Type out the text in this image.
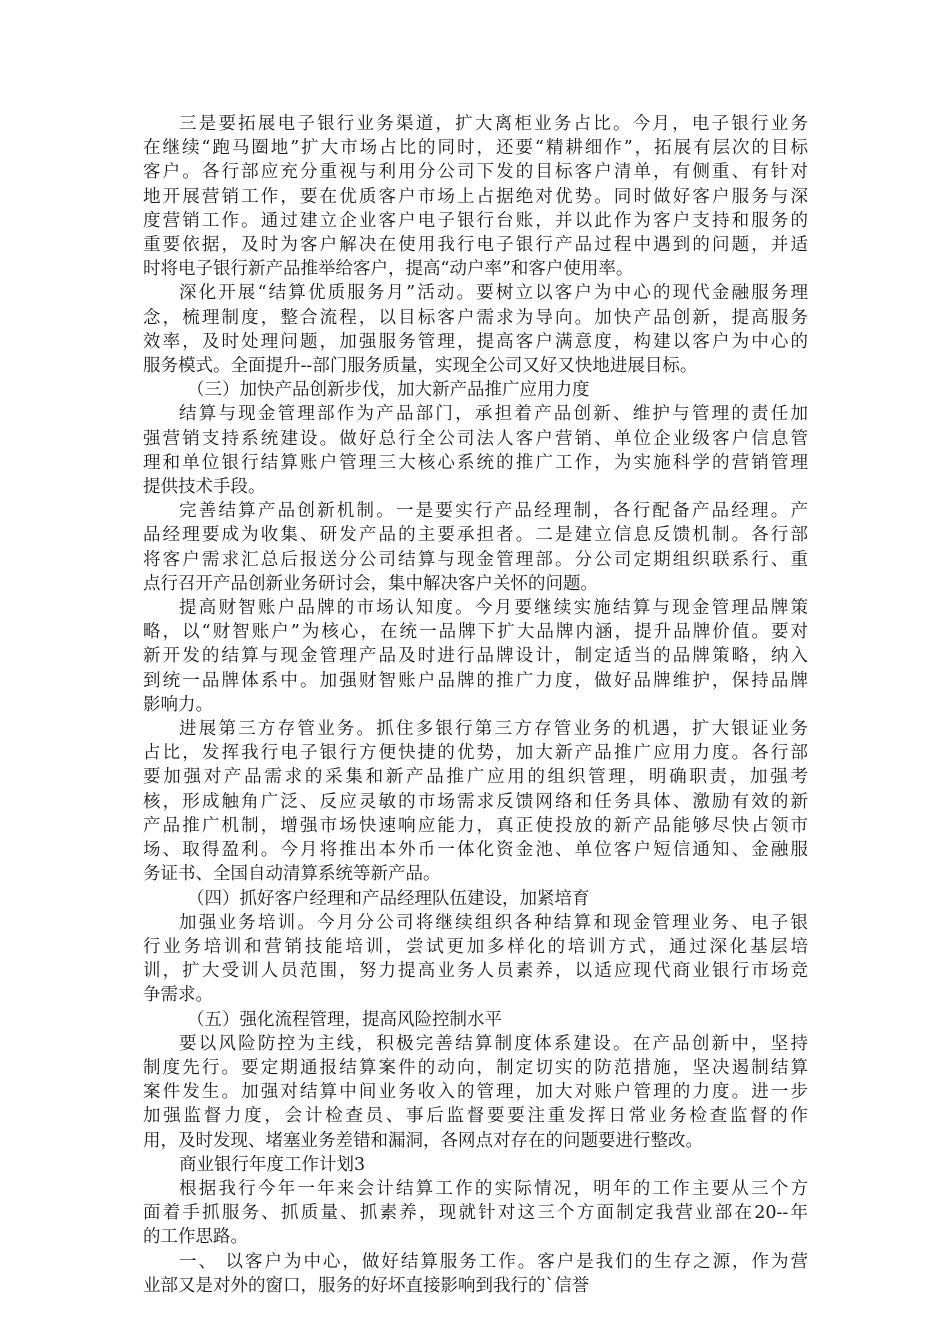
三是要拓展电子银行业务渠道，扩大离柜业务占比。今月，电子银行业务
在继续“跑马圈地”扩大市场占比的同时，还要“精耕细作”，拓展有层次的目标
客户。各行部应充分重视与利用分公司下发的目标客户清单，有侧重、有针对
地开展营销工作，要在优质客户市场上占据绝对优势。同时做好客户服务与深
度营销工作。通过建立企业客户电子银行台账，并以此作为客户支持和服务的
重要依据，及时为客户解决在使用我行电子银行产品过程中遇到的问题，并适
时将电子银行新产品推举给客户，提高“动户率”和客户使用率。
深化开展“结算优质服务月”活动。要树立以客户为中心的现代金融服务理
念，梳理制度，整合流程，以目标客户需求为导向。加快产品创新，提高服务
效率，及时处理问题，加强服务管理，提高客户满意度，构建以客户为中心的
服务模式。全面提升--部门服务质量，实现全公司又好又快地进展目标。
（三）加快产品创新步伐，加大新产品推广应用力度
结算与现金管理部作为产品部门，承担着产品创新、维护与管理的责任加
强营销支持系统建设。做好总行全公司法人客户营销、单位企业级客户信息管
理和单位银行结算账户管理三大核心系统的推广工作，为实施科学的营销管理
提供技术手段。
完善结算产品创新机制。一是要实行产品经理制，各行配备产品经理。产
品经理要成为收集、研发产品的主要承担者。二是建立信息反馈机制。各行部
将客户需求汇总后报送分公司结算与现金管理部。分公司定期组织联系行、重
点行召开产品创新业务研讨会，集中解决客户关怀的问题。
提高财智账户品牌的市场认知度。今月要继续实施结算与现金管理品牌策
略，以“财智账户”为核心，在统一品牌下扩大品牌内涵，提升品牌价值。要对
新开发的结算与现金管理产品及时进行品牌设计，制定适当的品牌策略，纳入
到统一品牌体系中。加强财智账户品牌的推广力度，做好品牌维护，保持品牌
影响力。
进展第三方存管业务。抓住多银行第三方存管业务的机遇，扩大银证业务
占比，发挥我行电子银行方便快捷的优势，加大新产品推广应用力度。各行部
要加强对产品需求的采集和新产品推广应用的组织管理，明确职责，加强考
核，形成触角广泛、反应灵敏的市场需求反馈网络和任务具体、激励有效的新
产品推广机制，增强市场快速响应能力，真正使投放的新产品能够尽快占领市
场、取得盈利。今月将推出本外币一体化资金池、单位客户短信通知、金融服
务证书、全国自动清算系统等新产品。
（四）抓好客户经理和产品经理队伍建设，加紧培育
加强业务培训。今月分公司将继续组织各种结算和现金管理业务、电子银
行业务培训和营销技能培训，尝试更加多样化的培训方式，通过深化基层培
训，扩大受训人员范围，努力提高业务人员素养，以适应现代商业银行市场竞
争需求。
（五）强化流程管理，提高风险控制水平
要以风险防控为主线，积极完善结算制度体系建设。在产品创新中，坚持
制度先行。要定期通报结算案件的动向，制定切实的防范措施，坚决遏制结算
案件发生。加强对结算中间业务收入的管理，加大对账户管理的力度。进一步
加强监督力度，会计检查员、事后监督要要注重发挥日常业务检查监督的作
用，及时发现、堵塞业务差错和漏洞，各网点对存在的问题要进行整改。
商业银行年度工作计划3
根据我行今年一年来会计结算工作的实际情况，明年的工作主要从三个方
面着手抓服务、抓质量、抓素养，现就针对这三个方面制定我营业部在20--年
的工作思路。
一、 以客户为中心，做好结算服务工作。客户是我们的生存之源，作为营
业部又是对外的窗口，服务的好坏直接影响到我行的`信誉
